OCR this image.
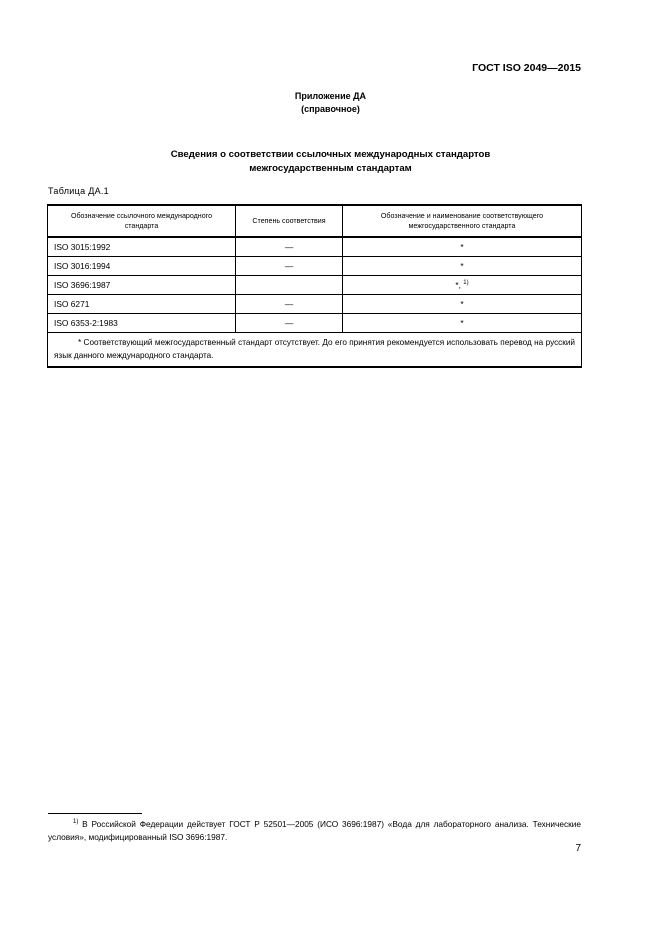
ГОСТ ISO 2049—2015
Приложение ДА
(справочное)
Сведения о соответствии ссылочных международных стандартов
межгосударственным стандартам
Таблица ДА.1
Обозначение ссылочного международного стандарта	Степень соответствия	Обозначение и наименование соответствующего межгосударственного стандарта
ISO 3015:1992	—	*
ISO 3016:1994	—	*
ISO 3696:1987		*, $^{1)}$
ISO 6271	—	*
ISO 6353-2:1983	—	*
* Соответствующий межгосударственный стандарт отсутствует. До его принятия рекомендуется использовать перевод на русский язык данного международного стандарта.		
$^{1)}$ В Российской Федерации действует ГОСТ Р 52501—2005 (ИСО 3696:1987) «Вода для лабораторного анализа. Технические условия», модифицированный ISO 3696:1987.
7
